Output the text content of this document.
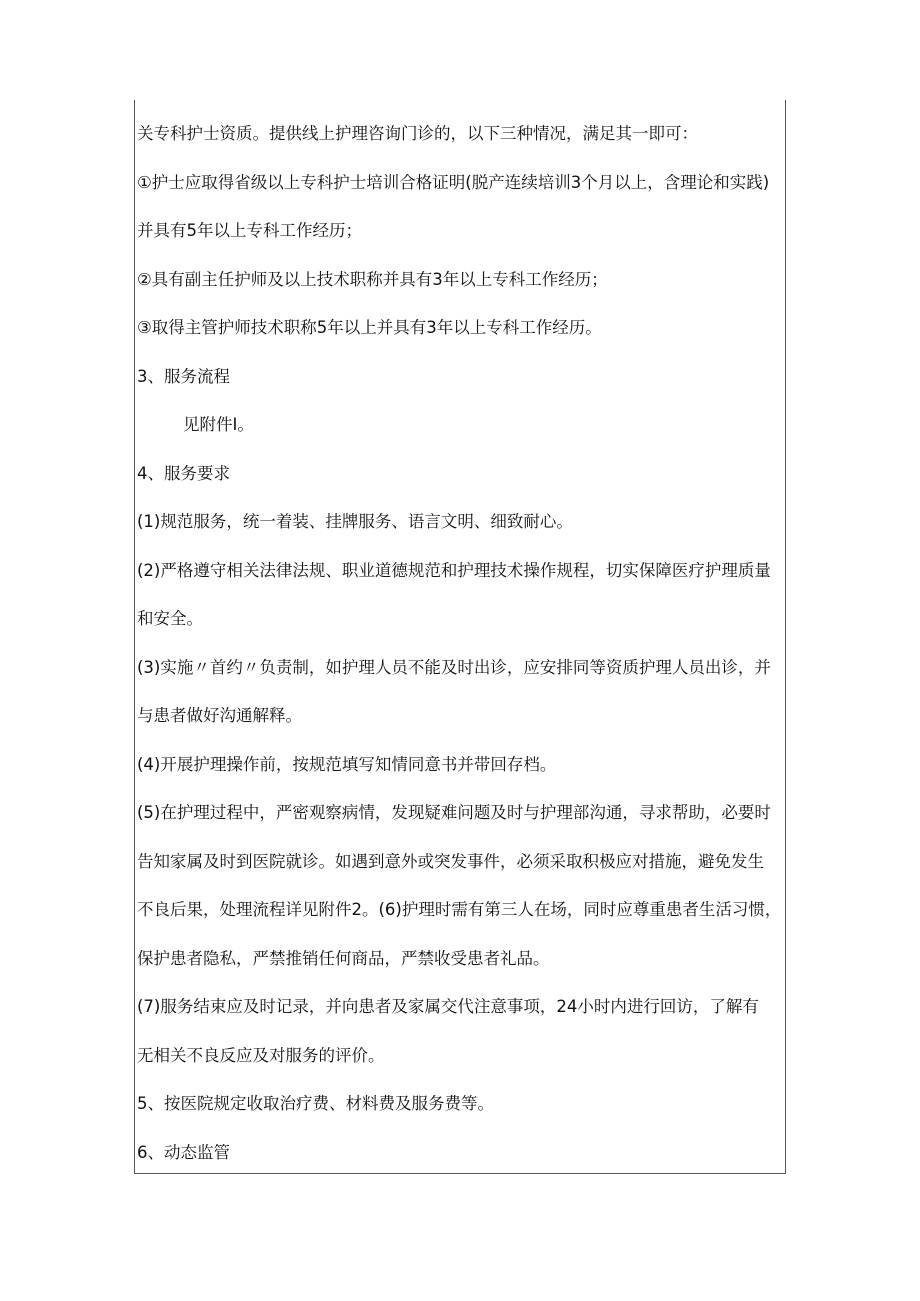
关专科护士资质。提供线上护理咨询门诊的，以下三种情况，满足其一即可：
①护士应取得省级以上专科护士培训合格证明(脱产连续培训3个月以上，含理论和实践)
并具有5年以上专科工作经历；
②具有副主任护师及以上技术职称并具有3年以上专科工作经历；
③取得主管护师技术职称5年以上并具有3年以上专科工作经历。
3、服务流程
见附件I。
4、服务要求
(1)规范服务，统一着装、挂牌服务、语言文明、细致耐心。
(2)严格遵守相关法律法规、职业道德规范和护理技术操作规程，切实保障医疗护理质量
和安全。
(3)实施〃首约〃负责制，如护理人员不能及时出诊，应安排同等资质护理人员出诊，并
与患者做好沟通解释。
(4)开展护理操作前，按规范填写知情同意书并带回存档。
(5)在护理过程中，严密观察病情，发现疑难问题及时与护理部沟通，寻求帮助，必要时
告知家属及时到医院就诊。如遇到意外或突发事件，必须采取积极应对措施，避免发生
不良后果，处理流程详见附件2。(6)护理时需有第三人在场，同时应尊重患者生活习惯，
保护患者隐私，严禁推销任何商品，严禁收受患者礼品。
(7)服务结束应及时记录，并向患者及家属交代注意事项，24小时内进行回访，了解有
无相关不良反应及对服务的评价。
5、按医院规定收取治疗费、材料费及服务费等。
6、动态监管
